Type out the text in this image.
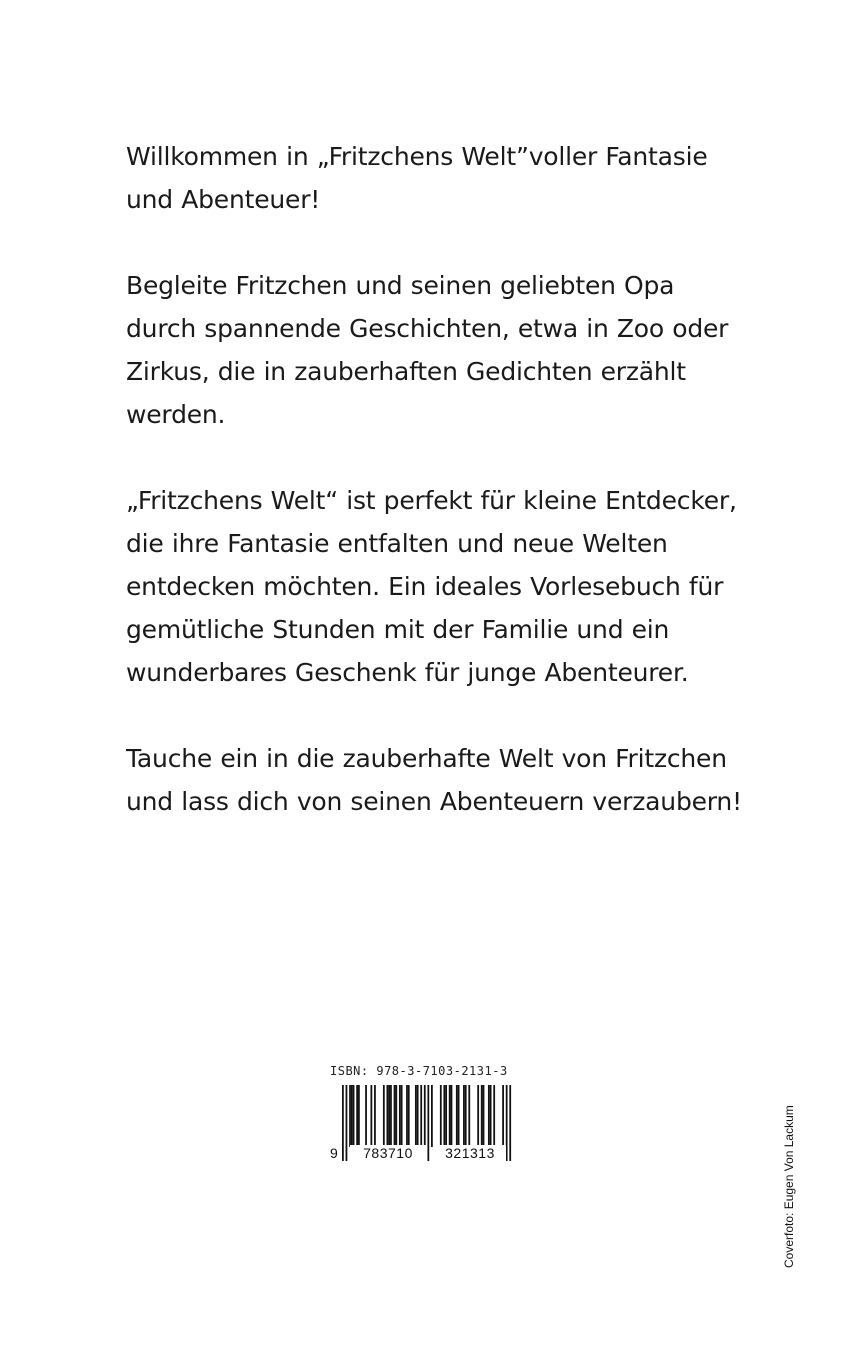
Willkommen in „Fritzchens Welt”voller Fantasie und Abenteuer!

Begleite Fritzchen und seinen geliebten Opa durch spannende Geschichten, etwa in Zoo oder Zirkus, die in zauberhaften Gedichten erzählt werden.

„Fritzchens Welt“ ist perfekt für kleine Entdecker, die ihre Fantasie entfalten und neue Welten entdecken möchten. Ein ideales Vorlesebuch für gemütliche Stunden mit der Familie und ein wunderbares Geschenk für junge Abenteurer.

Tauche ein in die zauberhafte Welt von Fritzchen und lass dich von seinen Abenteuern verzaubern!

ISBN: 978-3-7103-2131-3
9	783710	321313	Coverfoto: Eugen Von Lackum
